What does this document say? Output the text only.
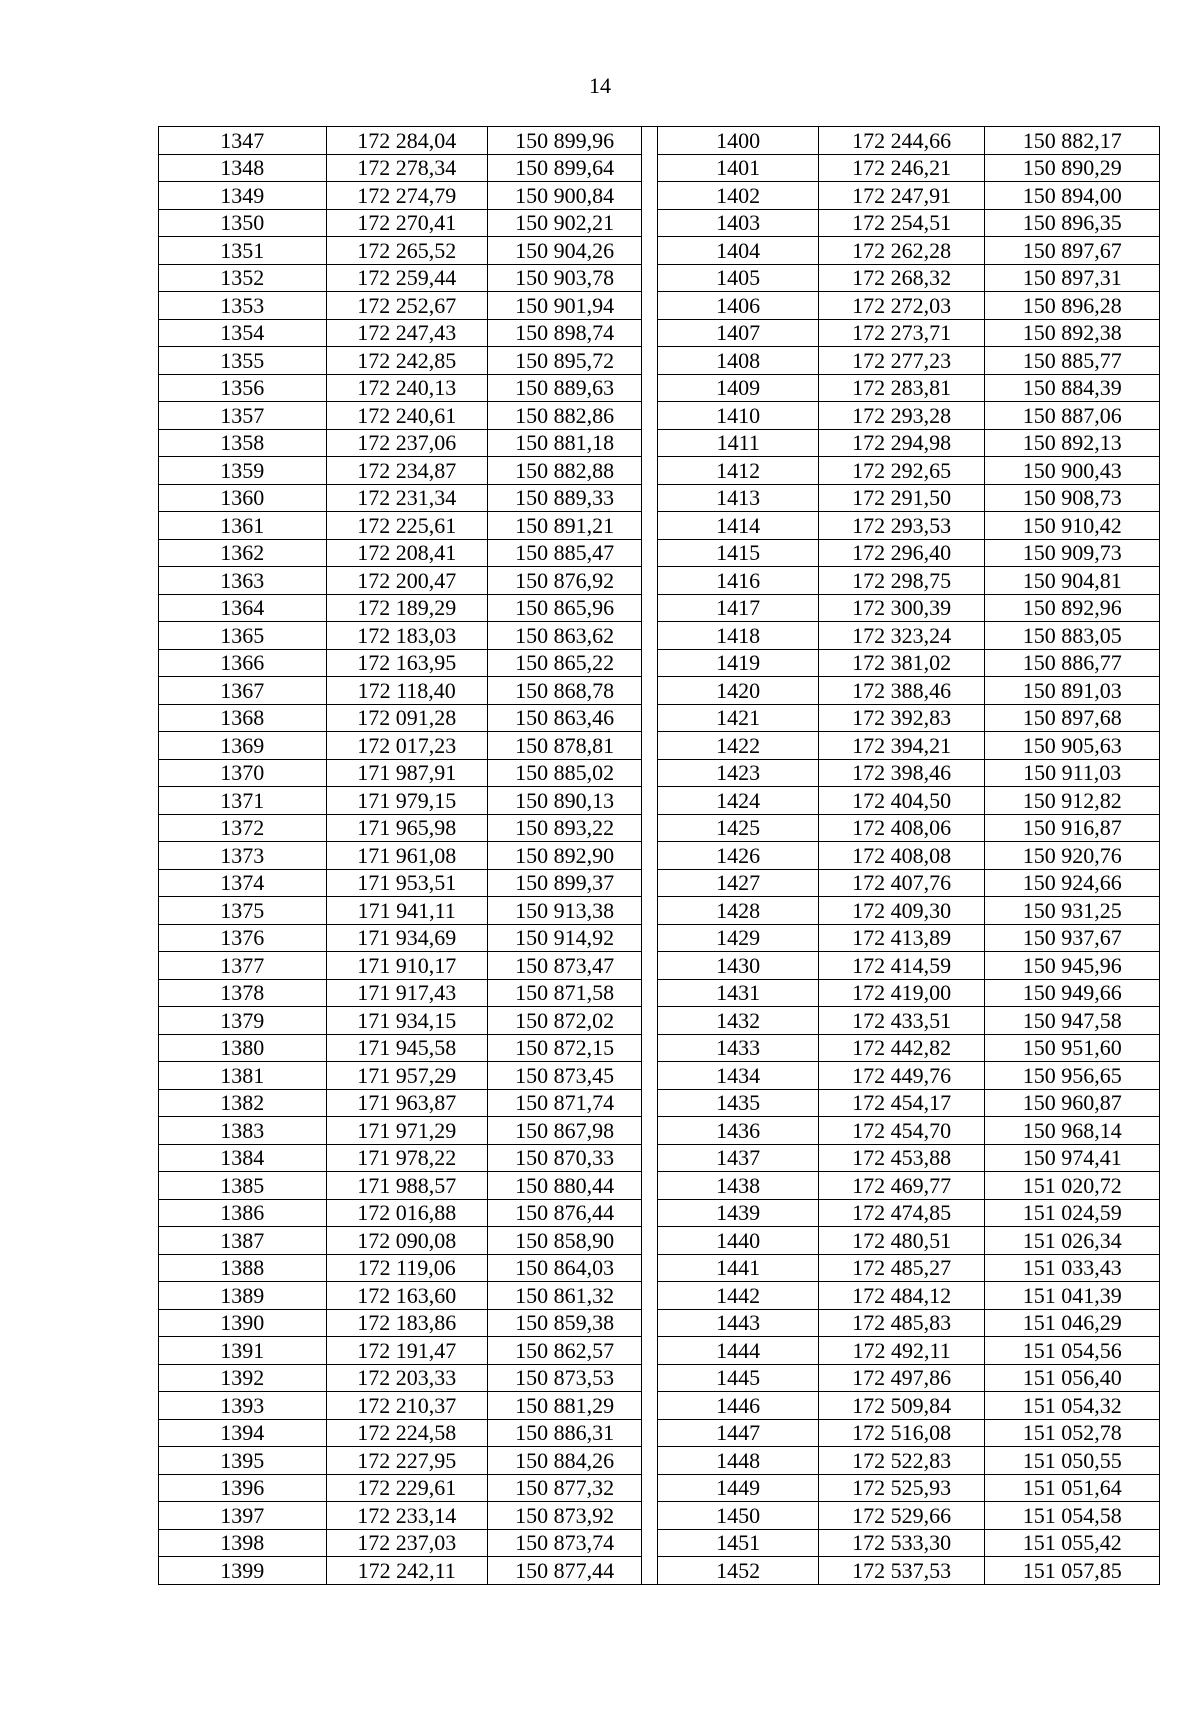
14
1347	172 284,04	150 899,96		1400	172 244,66	150 882,17
1348	172 278,34	150 899,64		1401	172 246,21	150 890,29
1349	172 274,79	150 900,84		1402	172 247,91	150 894,00
1350	172 270,41	150 902,21		1403	172 254,51	150 896,35
1351	172 265,52	150 904,26		1404	172 262,28	150 897,67
1352	172 259,44	150 903,78		1405	172 268,32	150 897,31
1353	172 252,67	150 901,94		1406	172 272,03	150 896,28
1354	172 247,43	150 898,74		1407	172 273,71	150 892,38
1355	172 242,85	150 895,72		1408	172 277,23	150 885,77
1356	172 240,13	150 889,63		1409	172 283,81	150 884,39
1357	172 240,61	150 882,86		1410	172 293,28	150 887,06
1358	172 237,06	150 881,18		1411	172 294,98	150 892,13
1359	172 234,87	150 882,88		1412	172 292,65	150 900,43
1360	172 231,34	150 889,33		1413	172 291,50	150 908,73
1361	172 225,61	150 891,21		1414	172 293,53	150 910,42
1362	172 208,41	150 885,47		1415	172 296,40	150 909,73
1363	172 200,47	150 876,92		1416	172 298,75	150 904,81
1364	172 189,29	150 865,96		1417	172 300,39	150 892,96
1365	172 183,03	150 863,62		1418	172 323,24	150 883,05
1366	172 163,95	150 865,22		1419	172 381,02	150 886,77
1367	172 118,40	150 868,78		1420	172 388,46	150 891,03
1368	172 091,28	150 863,46		1421	172 392,83	150 897,68
1369	172 017,23	150 878,81		1422	172 394,21	150 905,63
1370	171 987,91	150 885,02		1423	172 398,46	150 911,03
1371	171 979,15	150 890,13		1424	172 404,50	150 912,82
1372	171 965,98	150 893,22		1425	172 408,06	150 916,87
1373	171 961,08	150 892,90		1426	172 408,08	150 920,76
1374	171 953,51	150 899,37		1427	172 407,76	150 924,66
1375	171 941,11	150 913,38		1428	172 409,30	150 931,25
1376	171 934,69	150 914,92		1429	172 413,89	150 937,67
1377	171 910,17	150 873,47		1430	172 414,59	150 945,96
1378	171 917,43	150 871,58		1431	172 419,00	150 949,66
1379	171 934,15	150 872,02		1432	172 433,51	150 947,58
1380	171 945,58	150 872,15		1433	172 442,82	150 951,60
1381	171 957,29	150 873,45		1434	172 449,76	150 956,65
1382	171 963,87	150 871,74		1435	172 454,17	150 960,87
1383	171 971,29	150 867,98		1436	172 454,70	150 968,14
1384	171 978,22	150 870,33		1437	172 453,88	150 974,41
1385	171 988,57	150 880,44		1438	172 469,77	151 020,72
1386	172 016,88	150 876,44		1439	172 474,85	151 024,59
1387	172 090,08	150 858,90		1440	172 480,51	151 026,34
1388	172 119,06	150 864,03		1441	172 485,27	151 033,43
1389	172 163,60	150 861,32		1442	172 484,12	151 041,39
1390	172 183,86	150 859,38		1443	172 485,83	151 046,29
1391	172 191,47	150 862,57		1444	172 492,11	151 054,56
1392	172 203,33	150 873,53		1445	172 497,86	151 056,40
1393	172 210,37	150 881,29		1446	172 509,84	151 054,32
1394	172 224,58	150 886,31		1447	172 516,08	151 052,78
1395	172 227,95	150 884,26		1448	172 522,83	151 050,55
1396	172 229,61	150 877,32		1449	172 525,93	151 051,64
1397	172 233,14	150 873,92		1450	172 529,66	151 054,58
1398	172 237,03	150 873,74		1451	172 533,30	151 055,42
1399	172 242,11	150 877,44		1452	172 537,53	151 057,85
